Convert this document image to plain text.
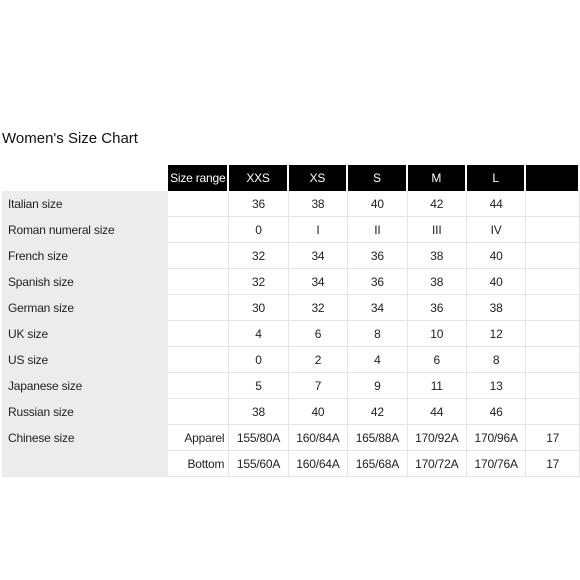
Women's Size Chart
	Size range	XXS	XS	S	M	L	
Italian size		36	38	40	42	44	
Roman numeral size		0	I	II	III	IV	
French size		32	34	36	38	40	
Spanish size		32	34	36	38	40	
German size		30	32	34	36	38	
UK size		4	6	8	10	12	
US size		0	2	4	6	8	
Japanese size		5	7	9	11	13	
Russian size		38	40	42	44	46	
Chinese size	Apparel	155/80A	160/84A	165/88A	170/92A	170/96A	17
	Bottom	155/60A	160/64A	165/68A	170/72A	170/76A	17
